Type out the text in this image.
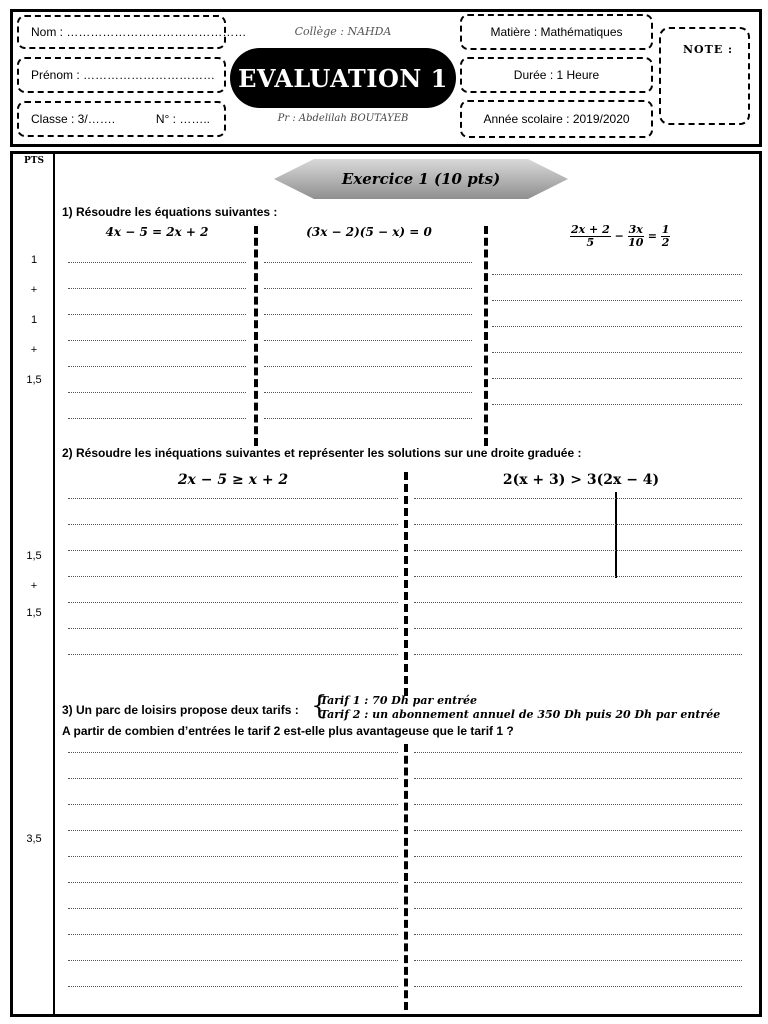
Nom : ………………………………………
Prénom : ……………………………
Classe : 3/…….	N° : ……..
Collège : NAHDA
EVALUATION 1
Pr : Abdelilah BOUTAYEB
Matière : Mathématiques
Durée : 1 Heure
Année scolaire : 2019/2020
NOTE :
PTS
1
+
1
+
1,5
1,5
+
1,5
3,5
Exercice 1 (10 pts)
1) Résoudre les équations suivantes :
4x − 5 = 2x + 2	(3x − 2)(5 − x) = 0	$\frac{2x + 2}{5} - \frac{3x}{10} = \frac{1}{2}$
2) Résoudre les inéquations suivantes et représenter les solutions sur une droite graduée :
2x − 5 ≥ x + 2	2(x + 3) > 3(2x − 4)
3) Un parc de loisirs propose deux tarifs : {
Tarif 1 : 70 Dh par entrée
Tarif 2 : un abonnement annuel de 350 Dh puis 20 Dh par entrée
A partir de combien d’entrées le tarif 2 est-elle plus avantageuse que le tarif 1 ?
